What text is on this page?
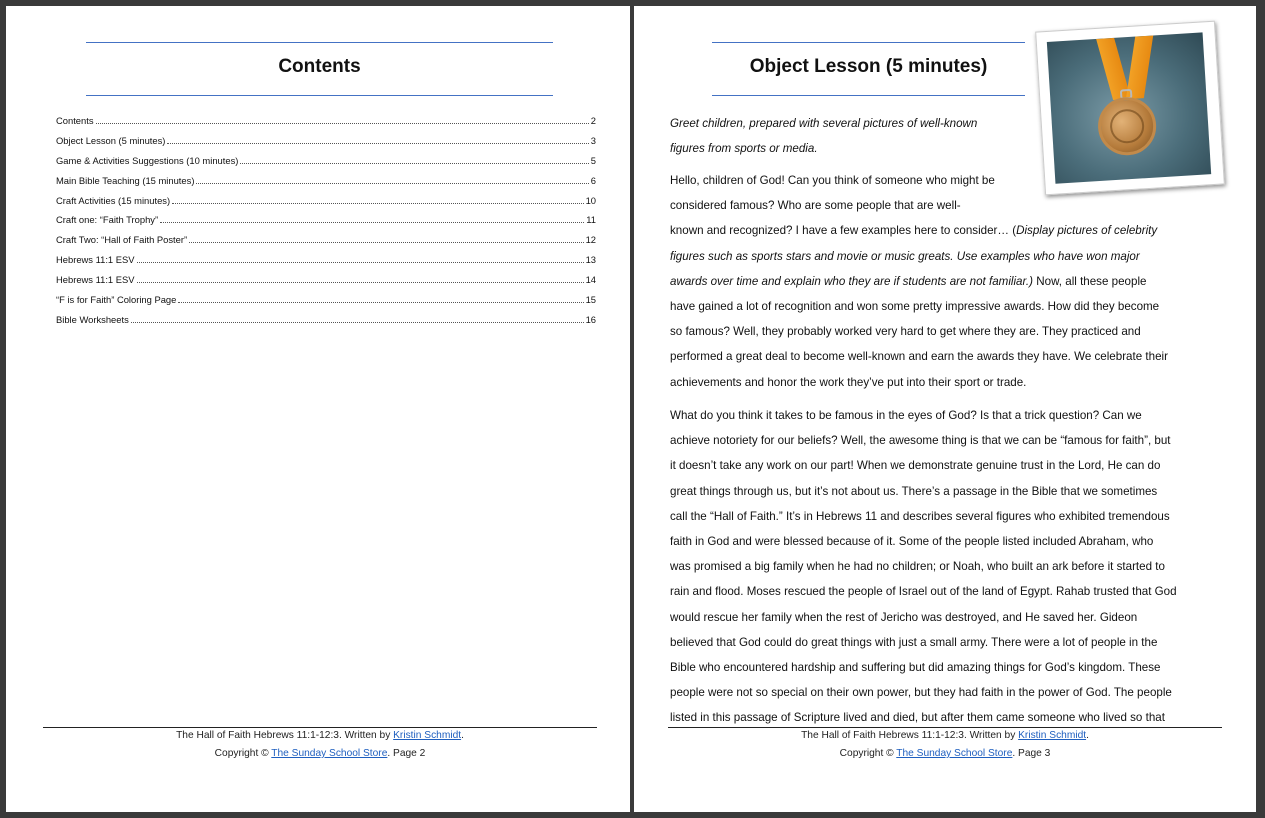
Contents
Contents	2
Object Lesson (5 minutes)	3
Game & Activities Suggestions (10 minutes)	5
Main Bible Teaching (15 minutes)	6
Craft Activities (15 minutes)	10
Craft one: “Faith Trophy”	11
Craft Two: “Hall of Faith Poster”	12
Hebrews 11:1 ESV	13
Hebrews 11:1 ESV	14
“F is for Faith” Coloring Page	15
Bible Worksheets	16
The Hall of Faith Hebrews 11:1-12:3. Written by Kristin Schmidt.
Copyright © The Sunday School Store. Page 2
Object Lesson (5 minutes)
Greet children, prepared with several pictures of well-known
figures from sports or media.
Hello, children of God! Can you think of someone who might be
considered famous? Who are some people that are well-
known and recognized? I have a few examples here to consider… (Display pictures of celebrity
figures such as sports stars and movie or music greats. Use examples who have won major
awards over time and explain who they are if students are not familiar.) Now, all these people
have gained a lot of recognition and won some pretty impressive awards. How did they become
so famous? Well, they probably worked very hard to get where they are. They practiced and
performed a great deal to become well-known and earn the awards they have. We celebrate their
achievements and honor the work they’ve put into their sport or trade.
What do you think it takes to be famous in the eyes of God? Is that a trick question? Can we
achieve notoriety for our beliefs? Well, the awesome thing is that we can be “famous for faith”, but
it doesn’t take any work on our part! When we demonstrate genuine trust in the Lord, He can do
great things through us, but it’s not about us. There’s a passage in the Bible that we sometimes
call the “Hall of Faith.” It’s in Hebrews 11 and describes several figures who exhibited tremendous
faith in God and were blessed because of it. Some of the people listed included Abraham, who
was promised a big family when he had no children; or Noah, who built an ark before it started to
rain and flood. Moses rescued the people of Israel out of the land of Egypt. Rahab trusted that God
would rescue her family when the rest of Jericho was destroyed, and He saved her. Gideon
believed that God could do great things with just a small army. There were a lot of people in the
Bible who encountered hardship and suffering but did amazing things for God’s kingdom. These
people were not so special on their own power, but they had faith in the power of God. The people
listed in this passage of Scripture lived and died, but after them came someone who lived so that
The Hall of Faith Hebrews 11:1-12:3. Written by Kristin Schmidt.
Copyright © The Sunday School Store. Page 3
